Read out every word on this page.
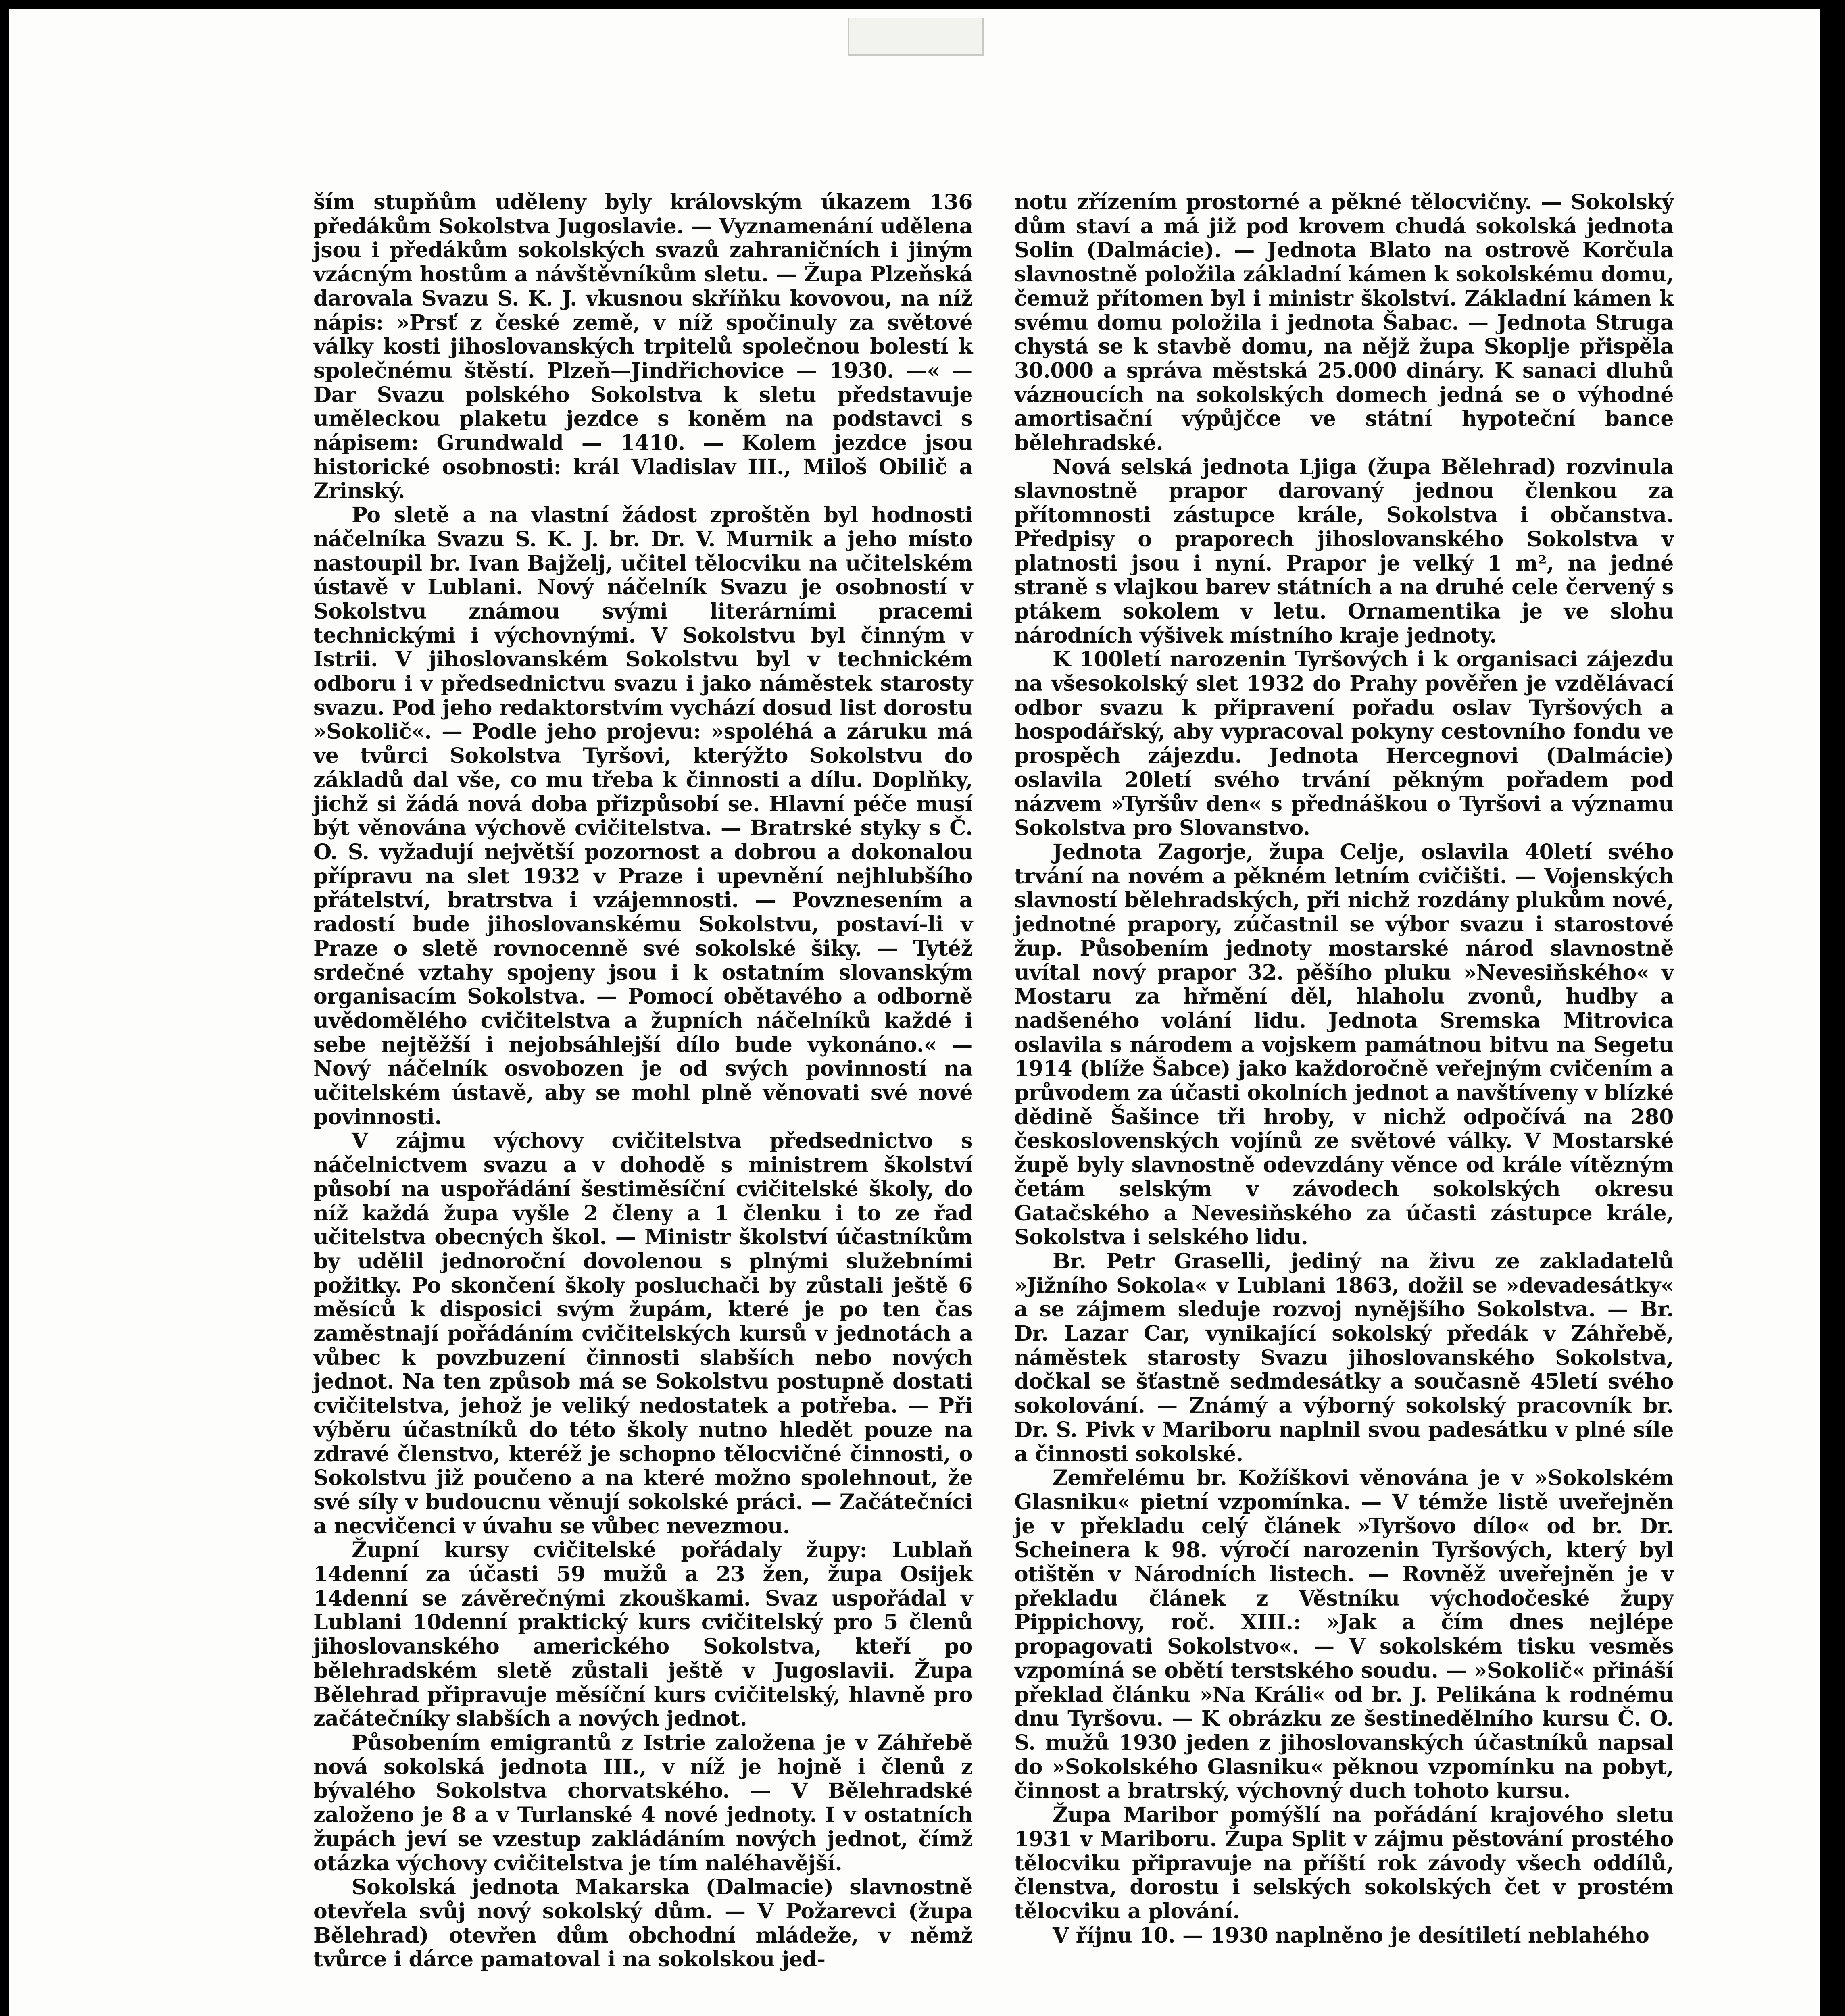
ším stupňům uděleny byly královským úkazem 136 předákům Sokolstva Jugoslavie. — Vyznamenání udělena jsou i předákům sokolských svazů zahraničních i jiným vzácným hostům a návštěvníkům sletu. — Župa Plzeňská darovala Svazu S. K. J. vkusnou skříňku kovovou, na níž nápis: »Prsť z české země, v níž spočinuly za světové války kosti jihoslovanských trpitelů společnou bolestí k společnému štěstí. Plzeň—Jindřichovice — 1930. —« — Dar Svazu polského Sokolstva k sletu představuje uměleckou plaketu jezdce s koněm na podstavci s nápisem: Grundwald — 1410. — Kolem jezdce jsou historické osobnosti: král Vladislav III., Miloš Obilič a Zrinský.

Po sletě a na vlastní žádost zproštěn byl hodnosti náčelníka Svazu S. K. J. br. Dr. V. Murnik a jeho místo nastoupil br. Ivan Bajželj, učitel tělocviku na učitelském ústavě v Lublani. Nový náčelník Svazu je osobností v Sokolstvu známou svými literárními pracemi technickými i výchovnými. V Sokolstvu byl činným v Istrii. V jihoslovanském Sokolstvu byl v technickém odboru i v předsednictvu svazu i jako náměstek starosty svazu. Pod jeho redaktorstvím vychází dosud list dorostu »Sokolič«. — Podle jeho projevu: »spoléhá a záruku má ve tvůrci Sokolstva Tyršovi, kterýžto Sokolstvu do základů dal vše, co mu třeba k činnosti a dílu. Doplňky, jichž si žádá nová doba přizpůsobí se. Hlavní péče musí být věnována výchově cvičitelstva. — Bratrské styky s Č. O. S. vyžadují největší pozornost a dobrou a dokonalou přípravu na slet 1932 v Praze i upevnění nejhlubšího přátelství, bratrstva i vzájemnosti. — Povznesením a radostí bude jihoslovanskému Sokolstvu, postaví-li v Praze o sletě rovnocenně své sokolské šiky. — Tytéž srdečné vztahy spojeny jsou i k ostatním slovanským organisacím Sokolstva. — Pomocí obětavého a odborně uvědomělého cvičitelstva a župních náčelníků každé i sebe nejtěžší i nejobsáhlejší dílo bude vykonáno.« — Nový náčelník osvobozen je od svých povinností na učitelském ústavě, aby se mohl plně věnovati své nové povinnosti.

V zájmu výchovy cvičitelstva předsednictvo s náčelnictvem svazu a v dohodě s ministrem školství působí na uspořádání šestiměsíční cvičitelské školy, do níž každá župa vyšle 2 členy a 1 členku i to ze řad učitelstva obecných škol. — Ministr školství účastníkům by udělil jednoroční dovolenou s plnými služebními požitky. Po skončení školy posluchači by zůstali ještě 6 měsíců k disposici svým župám, které je po ten čas zaměstnají pořádáním cvičitelských kursů v jednotách a vůbec k povzbuzení činnosti slabších nebo nových jednot. Na ten způsob má se Sokolstvu postupně dostati cvičitelstva, jehož je veliký nedostatek a potřeba. — Při výběru účastníků do této školy nutno hledět pouze na zdravé členstvo, kteréž je schopno tělocvičné činnosti, o Sokolstvu již poučeno a na které možno spolehnout, že své síly v budoucnu věnují sokolské práci. — Začátečníci a necvičenci v úvahu se vůbec nevezmou.

Župní kursy cvičitelské pořádaly župy: Lublaň 14denní za účasti 59 mužů a 23 žen, župa Osijek 14denní se závěrečnými zkouškami. Svaz uspořádal v Lublani 10denní praktický kurs cvičitelský pro 5 členů jihoslovanského amerického Sokolstva, kteří po bělehradském sletě zůstali ještě v Jugoslavii. Župa Bělehrad připravuje měsíční kurs cvičitelský, hlavně pro začátečníky slabších a nových jednot.

Působením emigrantů z Istrie založena je v Záhřebě nová sokolská jednota III., v níž je hojně i členů z bývalého Sokolstva chorvatského. — V Bělehradské založeno je 8 a v Turlanské 4 nové jednoty. I v ostatních župách jeví se vzestup zakládáním nových jednot, čímž otázka výchovy cvičitelstva je tím naléhavější.

Sokolská jednota Makarska (Dalmacie) slavnostně otevřela svůj nový sokolský dům. — V Požarevci (župa Bělehrad) otevřen dům obchodní mládeže, v němž tvůrce i dárce pamatoval i na sokolskou jed-

notu zřízením prostorné a pěkné tělocvičny. — Sokolský dům staví a má již pod krovem chudá sokolská jednota Solin (Dalmácie). — Jednota Blato na ostrově Korčula slavnostně položila základní kámen k sokolskému domu, čemuž přítomen byl i ministr školství. Základní kámen k svému domu položila i jednota Šabac. — Jednota Struga chystá se k stavbě domu, na nějž župa Skoplje přispěla 30.000 a správa městská 25.000 dináry. K sanaci dluhů vázноucích na sokolských domech jedná se o výhodné amortisační výpůjčce ve státní hypoteční bance bělehradské.

Nová selská jednota Ljiga (župa Bělehrad) rozvinula slavnostně prapor darovaný jednou členkou za přítomnosti zástupce krále, Sokolstva i občanstva. Předpisy o praporech jihoslovanského Sokolstva v platnosti jsou i nyní. Prapor je velký 1 m², na jedné straně s vlajkou barev státních a na druhé cele červený s ptákem sokolem v letu. Ornamentika je ve slohu národních výšivek místního kraje jednoty.

K 100letí narozenin Tyršových i k organisaci zájezdu na všesokolský slet 1932 do Prahy pověřen je vzdělávací odbor svazu k připravení pořadu oslav Tyršových a hospodářský, aby vypracoval pokyny cestovního fondu ve prospěch zájezdu. Jednota Hercegnovi (Dalmácie) oslavila 20letí svého trvání pěkným pořadem pod názvem »Tyršův den« s přednáškou o Tyršovi a významu Sokolstva pro Slovanstvo.

Jednota Zagorje, župa Celje, oslavila 40letí svého trvání na novém a pěkném letním cvičišti. — Vojenských slavností bělehradských, při nichž rozdány plukům nové, jednotné prapory, zúčastnil se výbor svazu i starostové žup. Působením jednoty mostarské národ slavnostně uvítal nový prapor 32. pěšího pluku »Nevesiňského« v Mostaru za hřmění děl, hlaholu zvonů, hudby a nadšeného volání lidu. Jednota Sremska Mitrovica oslavila s národem a vojskem památnou bitvu na Segetu 1914 (blíže Šabce) jako každoročně veřejným cvičením a průvodem za účasti okolních jednot a navštíveny v blízké dědině Šašince tři hroby, v nichž odpočívá na 280 československých vojínů ze světové války. V Mostarské župě byly slavnostně odevzdány věnce od krále vítězným četám selským v závodech sokolských okresu Gatačského a Nevesiňského za účasti zástupce krále, Sokolstva i selského lidu.

Br. Petr Graselli, jediný na živu ze zakladatelů »Jižního Sokola« v Lublani 1863, dožil se »devadesátky« a se zájmem sleduje rozvoj nynějšího Sokolstva. — Br. Dr. Lazar Car, vynikající sokolský předák v Záhřebě, náměstek starosty Svazu jihoslovanského Sokolstva, dočkal se šťastně sedmdesátky a současně 45letí svého sokolování. — Známý a výborný sokolský pracovník br. Dr. S. Pivk v Mariboru naplnil svou padesátku v plné síle a činnosti sokolské.

Zemřelému br. Kožíškovi věnována je v »Sokolském Glasniku« pietní vzpomínka. — V témže listě uveřejněn je v překladu celý článek »Tyršovo dílo« od br. Dr. Scheinera k 98. výročí narozenin Tyršových, který byl otištěn v Národních listech. — Rovněž uveřejněn je v překladu článek z Věstníku východočeské župy Pippichovy, roč. XIII.: »Jak a čím dnes nejlépe propagovati Sokolstvo«. — V sokolském tisku vesměs vzpomíná se obětí terstského soudu. — »Sokolič« přináší překlad článku »Na Králi« od br. J. Pelikána k rodnému dnu Tyršovu. — K obrázku ze šestinedělního kursu Č. O. S. mužů 1930 jeden z jihoslovanských účastníků napsal do »Sokolského Glasniku« pěknou vzpomínku na pobyt, činnost a bratrský, výchovný duch tohoto kursu.

Župa Maribor pomýšlí na pořádání krajového sletu 1931 v Mariboru. Župa Split v zájmu pěstování prostého tělocviku připravuje na příští rok závody všech oddílů, členstva, dorostu i selských sokolských čet v prostém tělocviku a plování.

V říjnu 10. — 1930 naplněno je desítiletí neblahého
